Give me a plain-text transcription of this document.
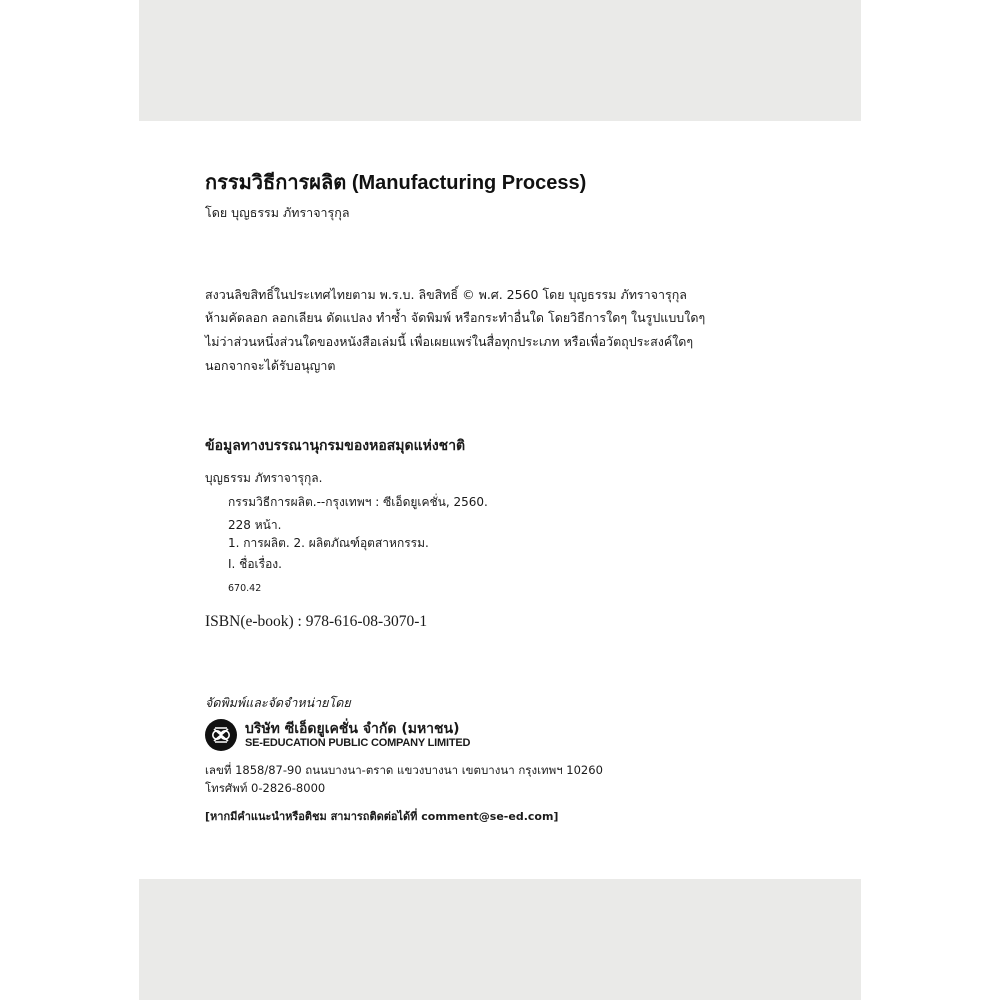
กรรมวิธีการผลิต (Manufacturing Process)
โดย บุญธรรม ภัทราจารุกุล
สงวนลิขสิทธิ์ในประเทศไทยตาม พ.ร.บ. ลิขสิทธิ์ © พ.ศ. 2560 โดย บุญธรรม ภัทราจารุกุล
ห้ามคัดลอก ลอกเลียน ดัดแปลง ทำซ้ำ จัดพิมพ์ หรือกระทำอื่นใด โดยวิธีการใดๆ ในรูปแบบใดๆ
ไม่ว่าส่วนหนึ่งส่วนใดของหนังสือเล่มนี้ เพื่อเผยแพร่ในสื่อทุกประเภท หรือเพื่อวัตถุประสงค์ใดๆ
นอกจากจะได้รับอนุญาต
ข้อมูลทางบรรณานุกรมของหอสมุดแห่งชาติ
บุญธรรม ภัทราจารุกุล.
กรรมวิธีการผลิต.--กรุงเทพฯ : ซีเอ็ดยูเคชั่น, 2560.
228 หน้า.
1. การผลิต. 2. ผลิตภัณฑ์อุตสาหกรรม.
I. ชื่อเรื่อง.
670.42
ISBN(e-book) : 978-616-08-3070-1
จัดพิมพ์และจัดจำหน่ายโดย
บริษัท ซีเอ็ดยูเคชั่น จำกัด (มหาชน)
SE-EDUCATION PUBLIC COMPANY LIMITED
เลขที่ 1858/87-90 ถนนบางนา-ตราด แขวงบางนา เขตบางนา กรุงเทพฯ 10260
โทรศัพท์ 0-2826-8000
[หากมีคำแนะนำหรือติชม สามารถติดต่อได้ที่ comment@se-ed.com]
